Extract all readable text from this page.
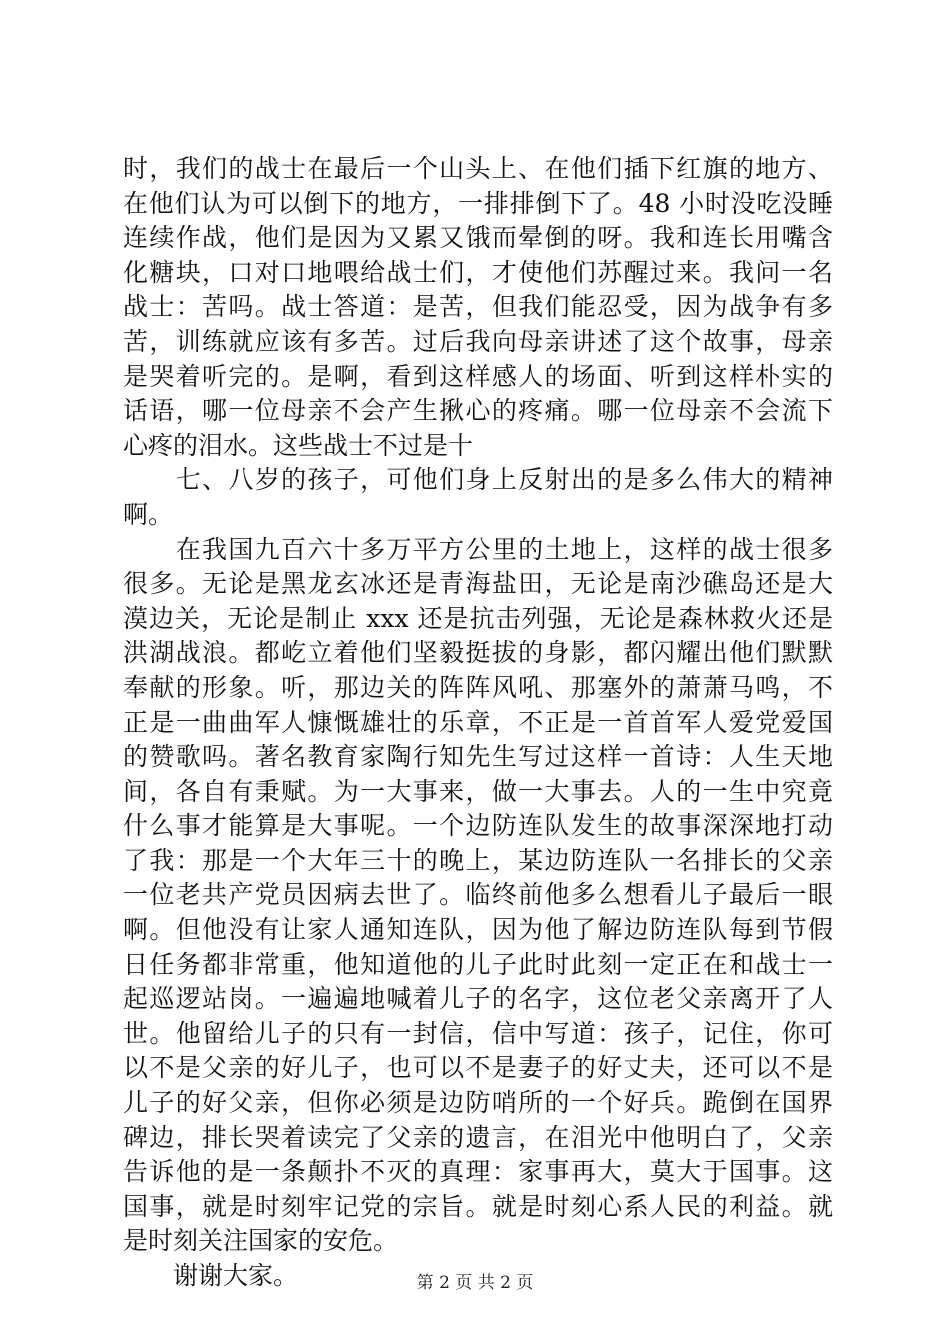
时，我们的战士在最后一个山头上、在他们插下红旗的地方、
在他们认为可以倒下的地方，一排排倒下了。48 小时没吃没睡
连续作战，他们是因为又累又饿而晕倒的呀。我和连长用嘴含
化糖块，口对口地喂给战士们，才使他们苏醒过来。我问一名
战士：苦吗。战士答道：是苦，但我们能忍受，因为战争有多
苦，训练就应该有多苦。过后我向母亲讲述了这个故事，母亲
是哭着听完的。是啊，看到这样感人的场面、听到这样朴实的
话语，哪一位母亲不会产生揪心的疼痛。哪一位母亲不会流下
心疼的泪水。这些战士不过是十
　　七、八岁的孩子，可他们身上反射出的是多么伟大的精神
啊。
　　在我国九百六十多万平方公里的土地上，这样的战士很多
很多。无论是黑龙玄冰还是青海盐田，无论是南沙礁岛还是大
漠边关，无论是制止 xxx 还是抗击列强，无论是森林救火还是
洪湖战浪。都屹立着他们坚毅挺拔的身影，都闪耀出他们默默
奉献的形象。听，那边关的阵阵风吼、那塞外的萧萧马鸣，不
正是一曲曲军人慷慨雄壮的乐章，不正是一首首军人爱党爱国
的赞歌吗。著名教育家陶行知先生写过这样一首诗：人生天地
间，各自有秉赋。为一大事来，做一大事去。人的一生中究竟
什么事才能算是大事呢。一个边防连队发生的故事深深地打动
了我：那是一个大年三十的晚上，某边防连队一名排长的父亲
一位老共产党员因病去世了。临终前他多么想看儿子最后一眼
啊。但他没有让家人通知连队，因为他了解边防连队每到节假
日任务都非常重，他知道他的儿子此时此刻一定正在和战士一
起巡逻站岗。一遍遍地喊着儿子的名字，这位老父亲离开了人
世。他留给儿子的只有一封信，信中写道：孩子，记住，你可
以不是父亲的好儿子，也可以不是妻子的好丈夫，还可以不是
儿子的好父亲，但你必须是边防哨所的一个好兵。跪倒在国界
碑边，排长哭着读完了父亲的遗言，在泪光中他明白了，父亲
告诉他的是一条颠扑不灭的真理：家事再大，莫大于国事。这
国事，就是时刻牢记党的宗旨。就是时刻心系人民的利益。就
是时刻关注国家的安危。
　　谢谢大家。	第 2 页 共 2 页
